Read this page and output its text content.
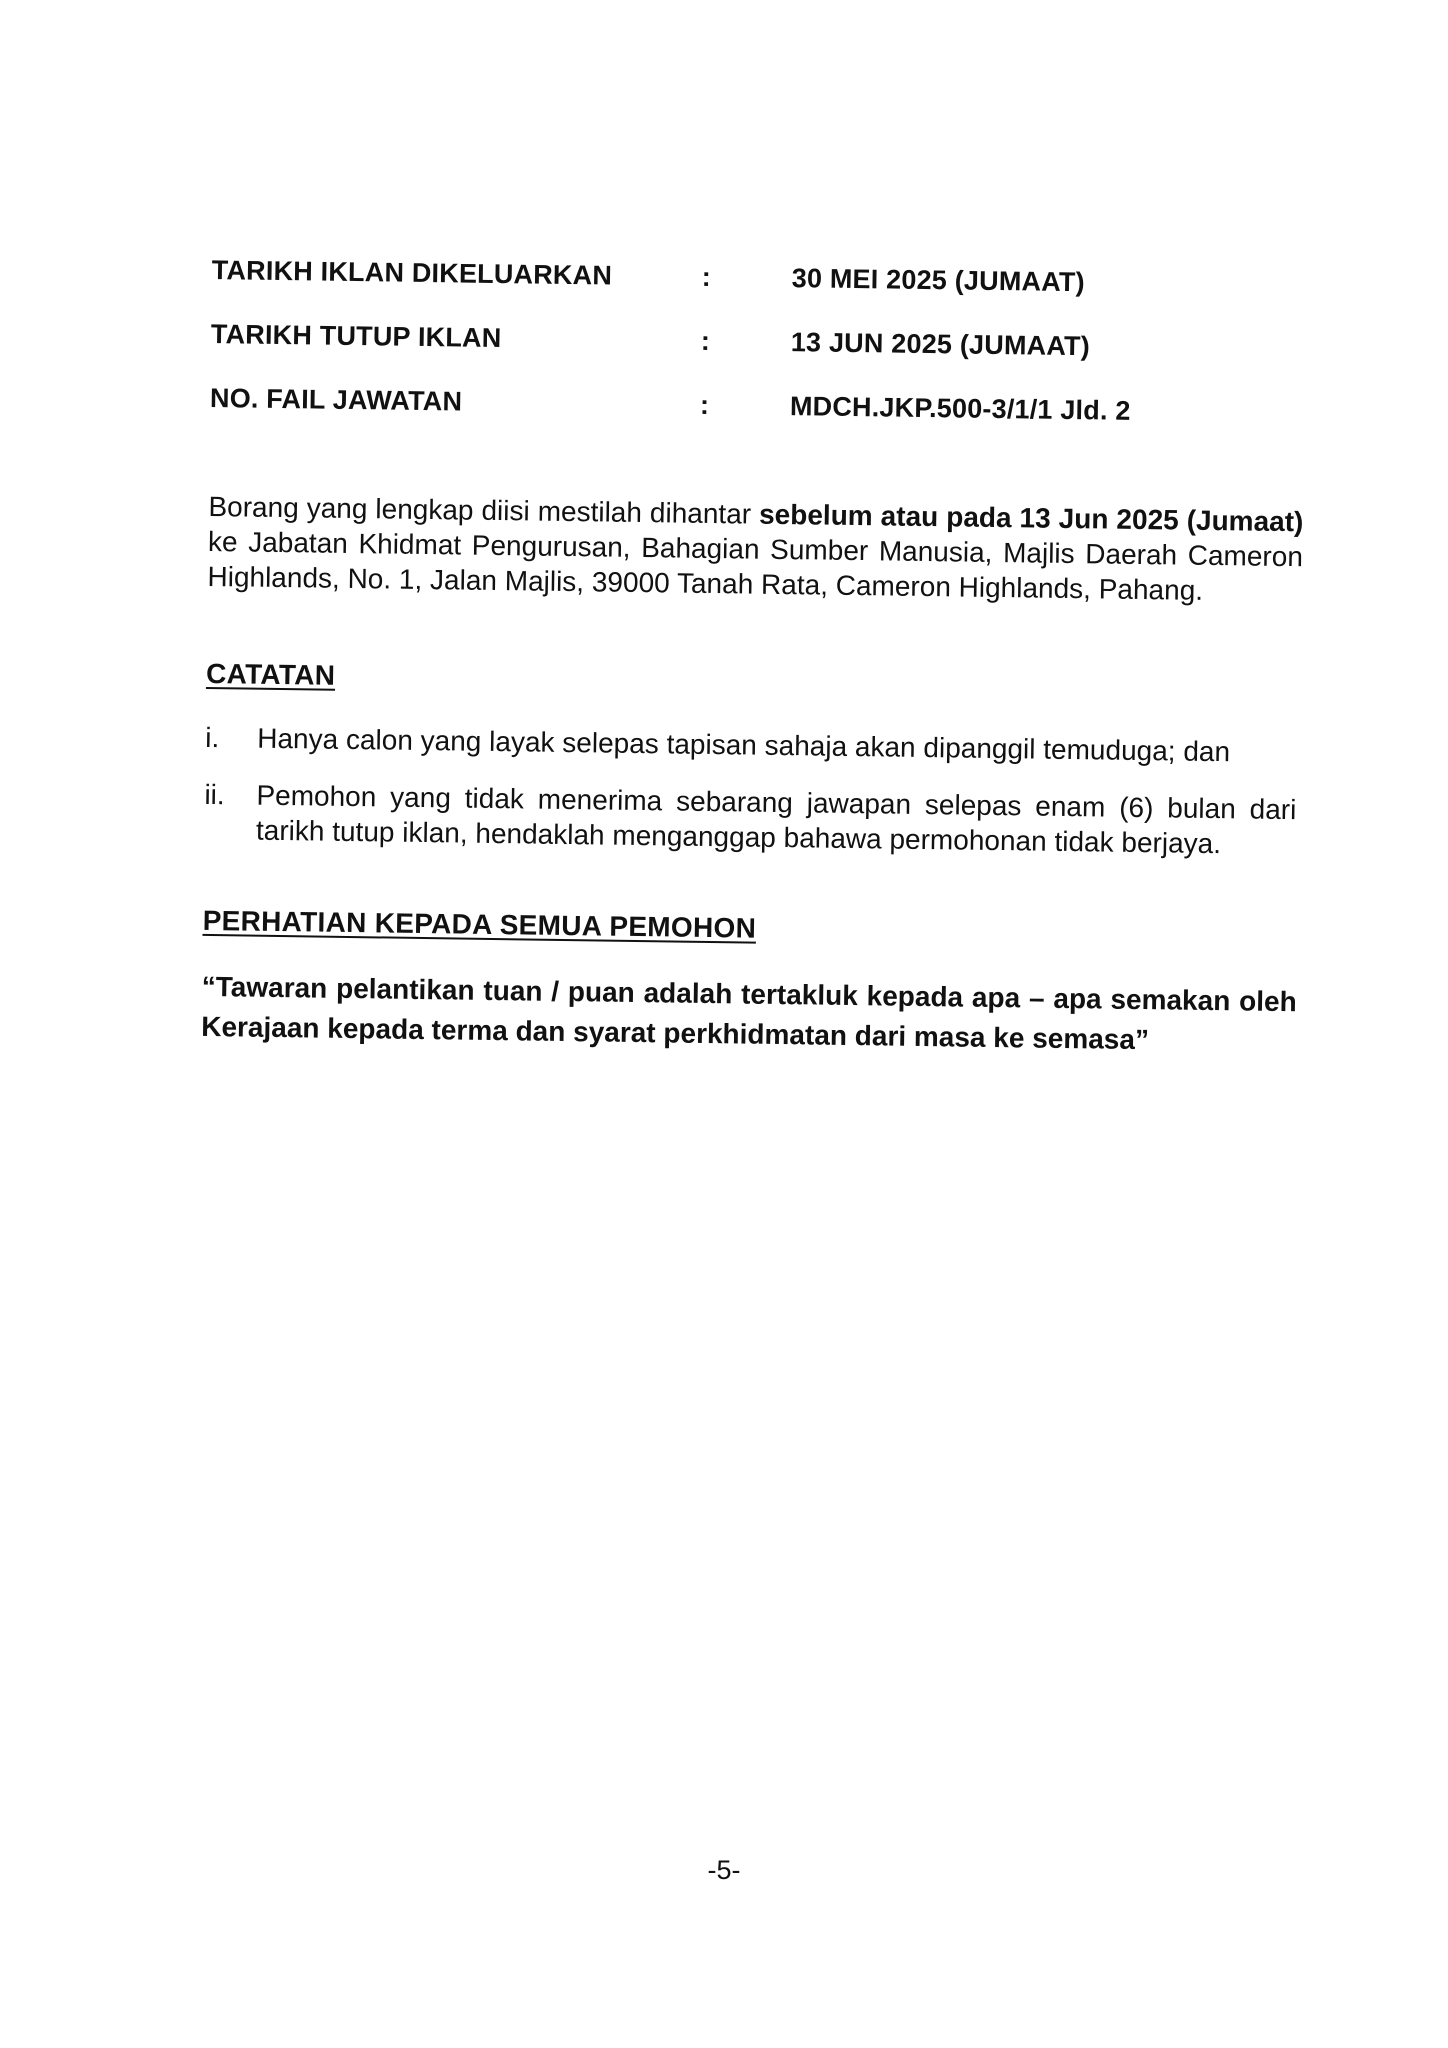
TARIKH IKLAN DIKELUARKAN	:	30 MEI 2025 (JUMAAT)
TARIKH TUTUP IKLAN	:	13 JUN 2025 (JUMAAT)
NO. FAIL JAWATAN	:	MDCH.JKP.500-3/1/1 Jld. 2

Borang yang lengkap diisi mestilah dihantar sebelum atau pada 13 Jun 2025 (Jumaat) ke Jabatan Khidmat Pengurusan, Bahagian Sumber Manusia, Majlis Daerah Cameron Highlands, No. 1, Jalan Majlis, 39000 Tanah Rata, Cameron Highlands, Pahang.

CATATAN
i.	Hanya calon yang layak selepas tapisan sahaja akan dipanggil temuduga; dan
ii.	Pemohon yang tidak menerima sebarang jawapan selepas enam (6) bulan dari tarikh tutup iklan, hendaklah menganggap bahawa permohonan tidak berjaya.
PERHATIAN KEPADA SEMUA PEMOHON

“Tawaran pelantikan tuan / puan adalah tertakluk kepada apa – apa semakan oleh Kerajaan kepada terma dan syarat perkhidmatan dari masa ke semasa”

-5-
